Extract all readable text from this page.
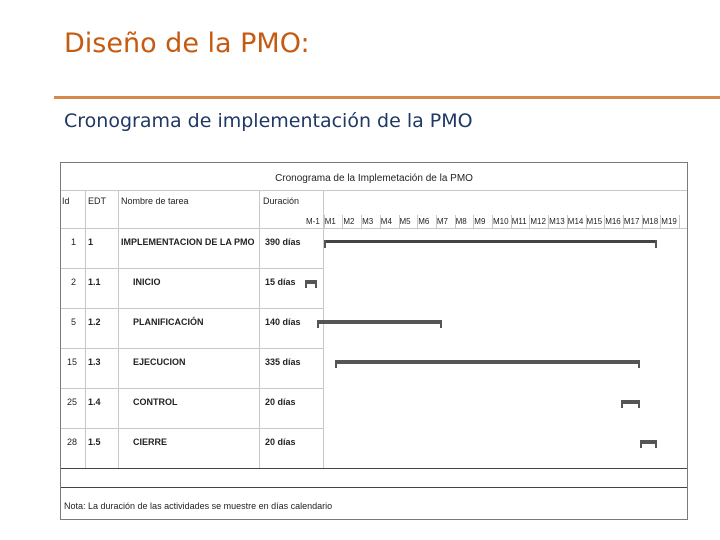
Diseño de la PMO:
Cronograma de implementación de la PMO
Cronograma de la Implemetación de la PMO
Id EDT Nombre de tarea	Duración
M-1 M1 M2 M3 M4 M5 M6 M7 M8 M9 M10 M11 M12 M13 M14 M15 M16 M17 M18 M19
1 1	IMPLEMENTACION DE LA PMO 390 días
2 1.1	INICIO	15 días
5 1.2	PLANIFICACIÓN	140 días
15 1.3	EJECUCION	335 días
25 1.4	CONTROL	20 días
28 1.5	CIERRE	20 días
Nota: La duración de las actividades se muestre en días calendario
